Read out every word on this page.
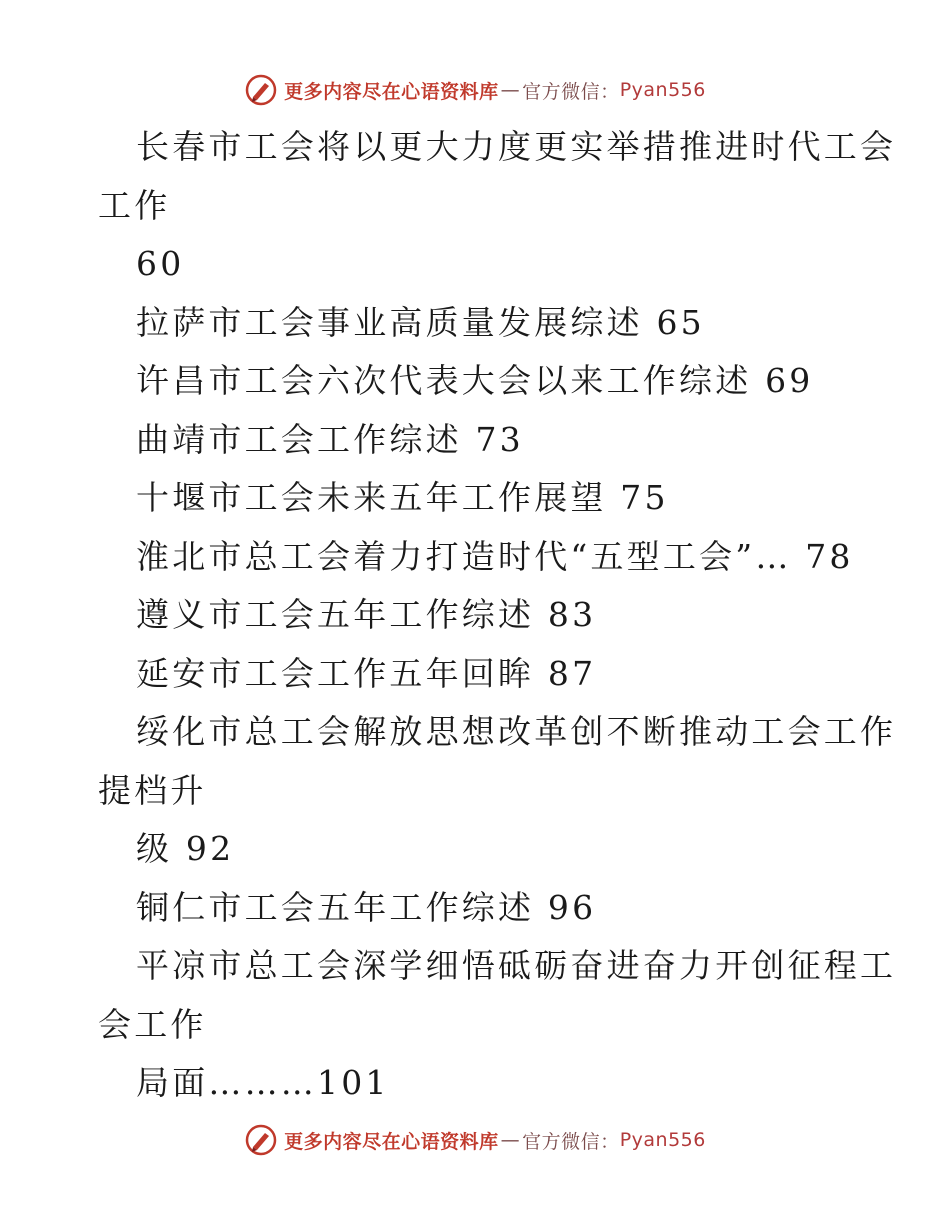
更多内容尽在心语资料库 — 官方微信： Pyan556
长春市工会将以更大力度更实举措推进时代工会
工作
60
拉萨市工会事业高质量发展综述 65
许昌市工会六次代表大会以来工作综述 69
曲靖市工会工作综述 73
十堰市工会未来五年工作展望 75
淮北市总工会着力打造时代“五型工会”… 78
遵义市工会五年工作综述 83
延安市工会工作五年回眸 87
绥化市总工会解放思想改革创不断推动工会工作
提档升
级 92
铜仁市工会五年工作综述 96
平凉市总工会深学细悟砥砺奋进奋力开创征程工
会工作
局面………101
更多内容尽在心语资料库 — 官方微信： Pyan556
